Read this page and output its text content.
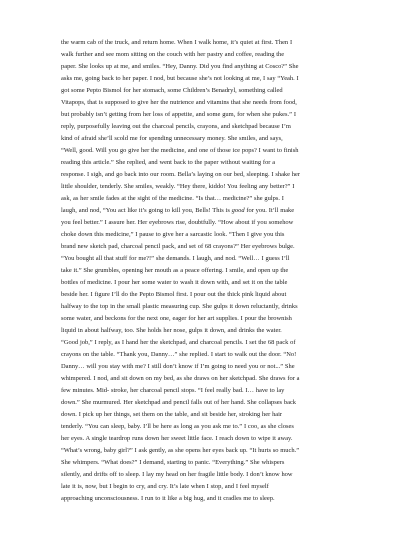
the warm cab of the truck, and return home. When I walk home, it’s quiet at first. Then I
walk further and see mom sitting on the couch with her pastry and coffee, reading the
paper. She looks up at me, and smiles. “Hey, Danny. Did you find anything at Cosco?” She
asks me, going back to her paper. I nod, but because she’s not looking at me, I say “Yeah. I
got some Pepto Bismol for her stomach, some Children’s Benadryl, something called
Vitapops, that is supposed to give her the nutrience and vitamins that she needs from food,
but probably isn’t getting from her loss of appetite, and some gum, for when she pukes.” I
reply, purposefully leaving out the charcoal pencils, crayons, and sketchpad because I’m
kind of afraid she’ll scold me for spending unnecessary money. She smiles, and says,
“Well, good. Will you go give her the medicine, and one of those ice pops? I want to finish
reading this article.” She replied, and went back to the paper without waiting for a
response. I sigh, and go back into our room. Bella’s laying on our bed, sleeping. I shake her
little shoulder, tenderly. She smiles, weakly. “Hey there, kiddo! You feeling any better?” I
ask, as her smile fades at the sight of the medicine. “Is that… medicine?” she gulps. I
laugh, and nod, “You act like it’s going to kill you, Bells! This is good for you. It’ll make
you feel better.” I assure her. Her eyebrows rise, doubtfully. “How about if you somehow
choke down this medicine,” I pause to give her a sarcastic look. “Then I give you this
brand new sketch pad, charcoal pencil pack, and set of 68 crayons?” Her eyebrows bulge.
“You bought all that stuff for me?!” she demands. I laugh, and nod. “Well… I guess I’ll
take it.” She grumbles, opening her mouth as a peace offering. I smile, and open up the
bottles of medicine. I pour her some water to wash it down with, and set it on the table
beside her. I figure I’ll do the Pepto Bismol first. I pour out the thick pink liquid about
halfway to the top in the small plastic measuring cup. She gulps it down reluctantly, drinks
some water, and beckons for the next one, eager for her art supplies. I pour the brownish
liquid in about halfway, too. She holds her nose, gulps it down, and drinks the water.
“Good job,” I reply, as I hand her the sketchpad, and charcoal pencils. I set the 68 pack of
crayons on the table. “Thank you, Danny…” she replied. I start to walk out the door. “No!
Danny… will you stay with me? I still don’t know if I’m going to need you or not...” She
whimpered. I nod, and sit down on my bed, as she draws on her sketchpad. She draws for a
few minutes. Mid- stroke, her charcoal pencil stops. “I feel really bad. I… have to lay
down.” She murmured. Her sketchpad and pencil falls out of her hand. She collapses back
down. I pick up her things, set them on the table, and sit beside her, stroking her hair
tenderly. “You can sleep, baby. I’ll be here as long as you ask me to.” I coo, as she closes
her eyes. A single teardrop runs down her sweet little face. I reach down to wipe it away.
“What’s wrong, baby girl?” I ask gently, as she opens her eyes back up. “It hurts so much.”
She whimpers. “What does?” I demand, starting to panic. “Everything.” She whispers
silently, and drifts off to sleep. I lay my head on her fragile little body. I don’t know how
late it is, now, but I begin to cry, and cry. It’s late when I stop, and I feel myself
approaching unconsciousness. I run to it like a big hug, and it cradles me to sleep.
